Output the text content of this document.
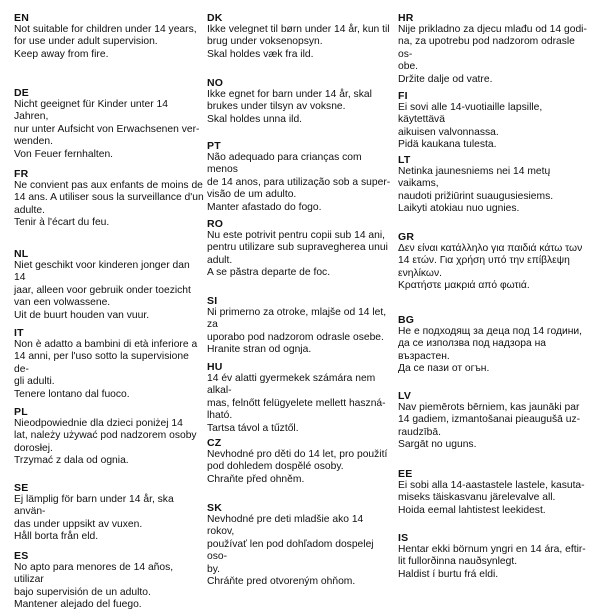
EN
Not suitable for children under 14 years,
for use under adult supervision.
Keep away from fire.
DE
Nicht geeignet für Kinder unter 14 Jahren,
nur unter Aufsicht von Erwachsenen ver-
wenden.
Von Feuer fernhalten.
FR
Ne convient pas aux enfants de moins de
14 ans. A utiliser sous la surveillance d'un
adulte.
Tenir à l'écart du feu.
NL
Niet geschikt voor kinderen jonger dan 14
jaar, alleen voor gebruik onder toezicht
van een volwassene.
Uit de buurt houden van vuur.
IT
Non è adatto a bambini di età inferiore a
14 anni, per l'uso sotto la supervisione de-
gli adulti.
Tenere lontano dal fuoco.
PL
Nieodpowiednie dla dzieci poniżej 14
lat, należy używać pod nadzorem osoby
dorosłej.
Trzymać z dala od ognia.
SE
Ej lämplig för barn under 14 år, ska använ-
das under uppsikt av vuxen.
Håll borta från eld.
ES
No apto para menores de 14 años, utilizar
bajo supervisión de un adulto.
Mantener alejado del fuego.
DK
Ikke velegnet til børn under 14 år, kun til
brug under voksenopsyn.
Skal holdes væk fra ild.
NO
Ikke egnet for barn under 14 år, skal
brukes under tilsyn av voksne.
Skal holdes unna ild.
PT
Não adequado para crianças com menos
de 14 anos, para utilização sob a super-
visão de um adulto.
Manter afastado do fogo.
RO
Nu este potrivit pentru copii sub 14 ani,
pentru utilizare sub supravegherea unui
adult.
A se păstra departe de foc.
SI
Ni primerno za otroke, mlajše od 14 let, za
uporabo pod nadzorom odrasle osebe.
Hranite stran od ognja.
HU
14 év alatti gyermekek számára nem alkal-
mas, felnőtt felügyelete mellett haszná-
lható.
Tartsa távol a tűztől.
CZ
Nevhodné pro děti do 14 let, pro použití
pod dohledem dospělé osoby.
Chraňte před ohněm.
SK
Nevhodné pre deti mladšie ako 14 rokov,
používať len pod dohľadom dospelej oso-
by.
Chráňte pred otvoreným ohňom.
HR
Nije prikladno za djecu mlađu od 14 godi-
na, za upotrebu pod nadzorom odrasle os-
obe.
Držite dalje od vatre.
FI
Ei sovi alle 14-vuotiaille lapsille, käytettävä
aikuisen valvonnassa.
Pidä kaukana tulesta.
LT
Netinka jaunesniems nei 14 metų vaikams,
naudoti prižiūrint suaugusiesiems.
Laikyti atokiau nuo ugnies.
GR
Δεν είναι κατάλληλο για παιδιά κάτω των
14 ετών. Για χρήση υπό την επίβλεψη
ενηλίκων.
Κρατήστε μακριά από φωτιά.
BG
Не е подходящ за деца под 14 години,
да се използва под надзора на
възрастен.
Да се пази от огън.
LV
Nav piemērots bērniem, kas jaunāki par
14 gadiem, izmantošanai pieaugušā uz-
raudzībā.
Sargāt no uguns.
EE
Ei sobi alla 14-aastastele lastele, kasuta-
miseks täiskasvanu järelevalve all.
Hoida eemal lahtistest leekidest.
IS
Hentar ekki börnum yngri en 14 ára, eftir-
lit fullorðinna nauðsynlegt.
Haldist í burtu frá eldi.
